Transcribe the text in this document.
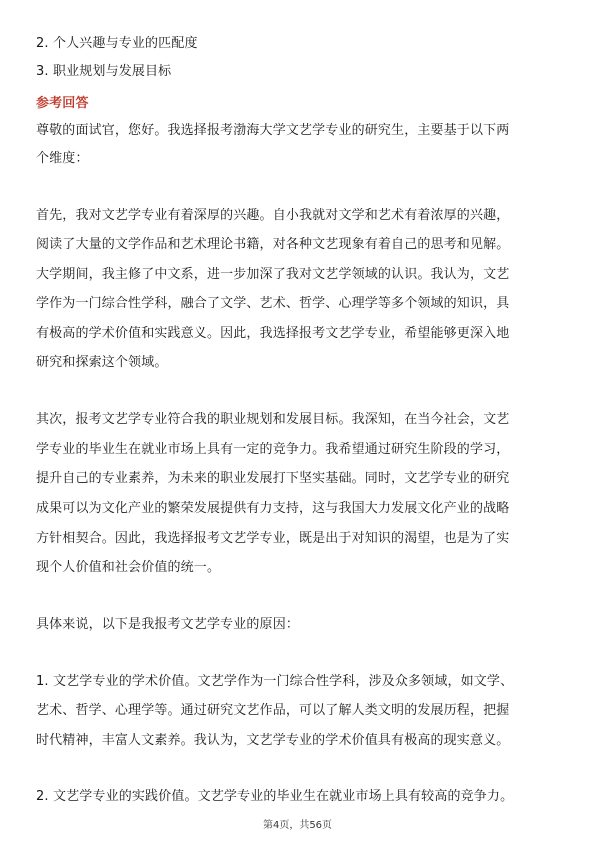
2. 个人兴趣与专业的匹配度
3. 职业规划与发展目标
参考回答
尊敬的面试官，您好。我选择报考渤海大学文艺学专业的研究生，主要基于以下两
个维度：
首先，我对文艺学专业有着深厚的兴趣。自小我就对文学和艺术有着浓厚的兴趣，
阅读了大量的文学作品和艺术理论书籍，对各种文艺现象有着自己的思考和见解。
大学期间，我主修了中文系，进一步加深了我对文艺学领域的认识。我认为，文艺
学作为一门综合性学科，融合了文学、艺术、哲学、心理学等多个领域的知识，具
有极高的学术价值和实践意义。因此，我选择报考文艺学专业，希望能够更深入地
研究和探索这个领域。
其次，报考文艺学专业符合我的职业规划和发展目标。我深知，在当今社会，文艺
学专业的毕业生在就业市场上具有一定的竞争力。我希望通过研究生阶段的学习，
提升自己的专业素养，为未来的职业发展打下坚实基础。同时，文艺学专业的研究
成果可以为文化产业的繁荣发展提供有力支持，这与我国大力发展文化产业的战略
方针相契合。因此，我选择报考文艺学专业，既是出于对知识的渴望，也是为了实
现个人价值和社会价值的统一。
具体来说，以下是我报考文艺学专业的原因：
1. 文艺学专业的学术价值。文艺学作为一门综合性学科，涉及众多领域，如文学、
艺术、哲学、心理学等。通过研究文艺作品，可以了解人类文明的发展历程，把握
时代精神，丰富人文素养。我认为，文艺学专业的学术价值具有极高的现实意义。
2. 文艺学专业的实践价值。文艺学专业的毕业生在就业市场上具有较高的竞争力。
第4页，共56页
